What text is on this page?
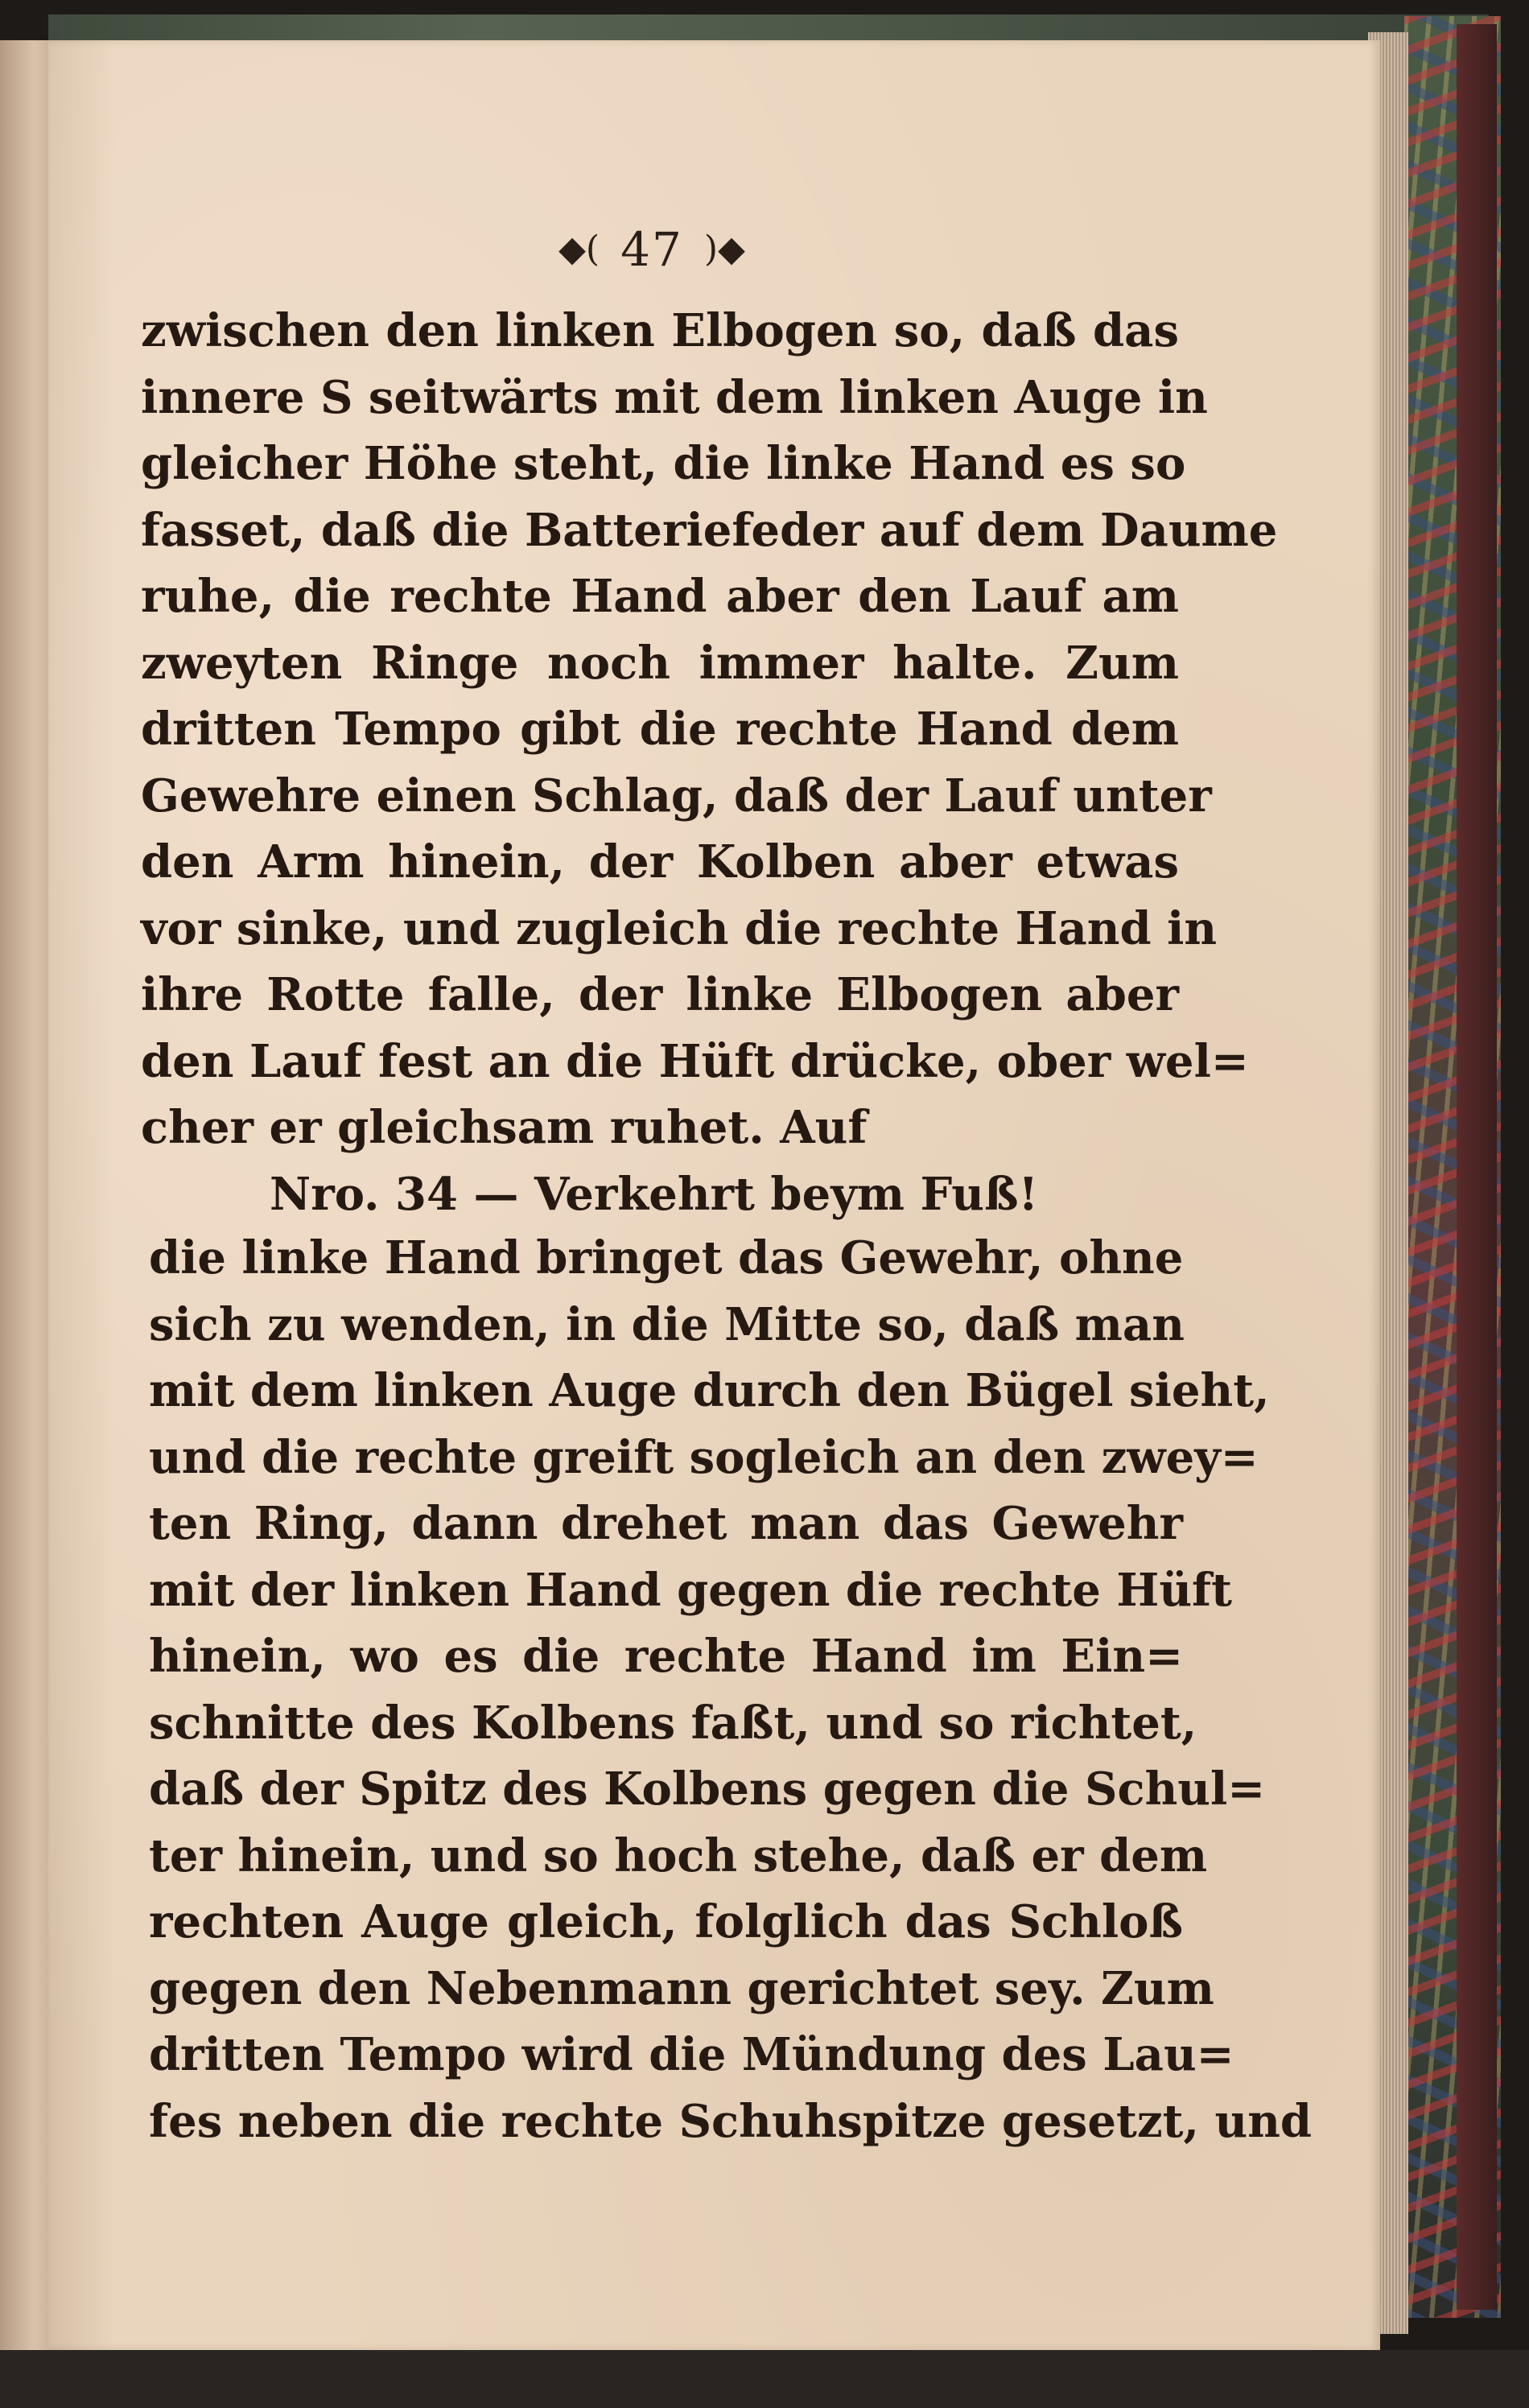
◆( 47 )◆
zwischen den linken Elbogen so, daß das
innere S seitwärts mit dem linken Auge in
gleicher Höhe steht, die linke Hand es so
fasset, daß die Batteriefeder auf dem Daume
ruhe, die rechte Hand aber den Lauf am
zweyten Ringe noch immer halte. Zum
dritten Tempo gibt die rechte Hand dem
Gewehre einen Schlag, daß der Lauf unter
den Arm hinein, der Kolben aber etwas
vor sinke, und zugleich die rechte Hand in
ihre Rotte falle, der linke Elbogen aber
den Lauf fest an die Hüft drücke, ober wel=
cher er gleichsam ruhet. Auf
Nro. 34 — Verkehrt beym Fuß!
die linke Hand bringet das Gewehr, ohne
sich zu wenden, in die Mitte so, daß man
mit dem linken Auge durch den Bügel sieht,
und die rechte greift sogleich an den zwey=
ten Ring, dann drehet man das Gewehr
mit der linken Hand gegen die rechte Hüft
hinein, wo es die rechte Hand im Ein=
schnitte des Kolbens faßt, und so richtet,
daß der Spitz des Kolbens gegen die Schul=
ter hinein, und so hoch stehe, daß er dem
rechten Auge gleich, folglich das Schloß
gegen den Nebenmann gerichtet sey. Zum
dritten Tempo wird die Mündung des Lau=
fes neben die rechte Schuhspitze gesetzt, und
